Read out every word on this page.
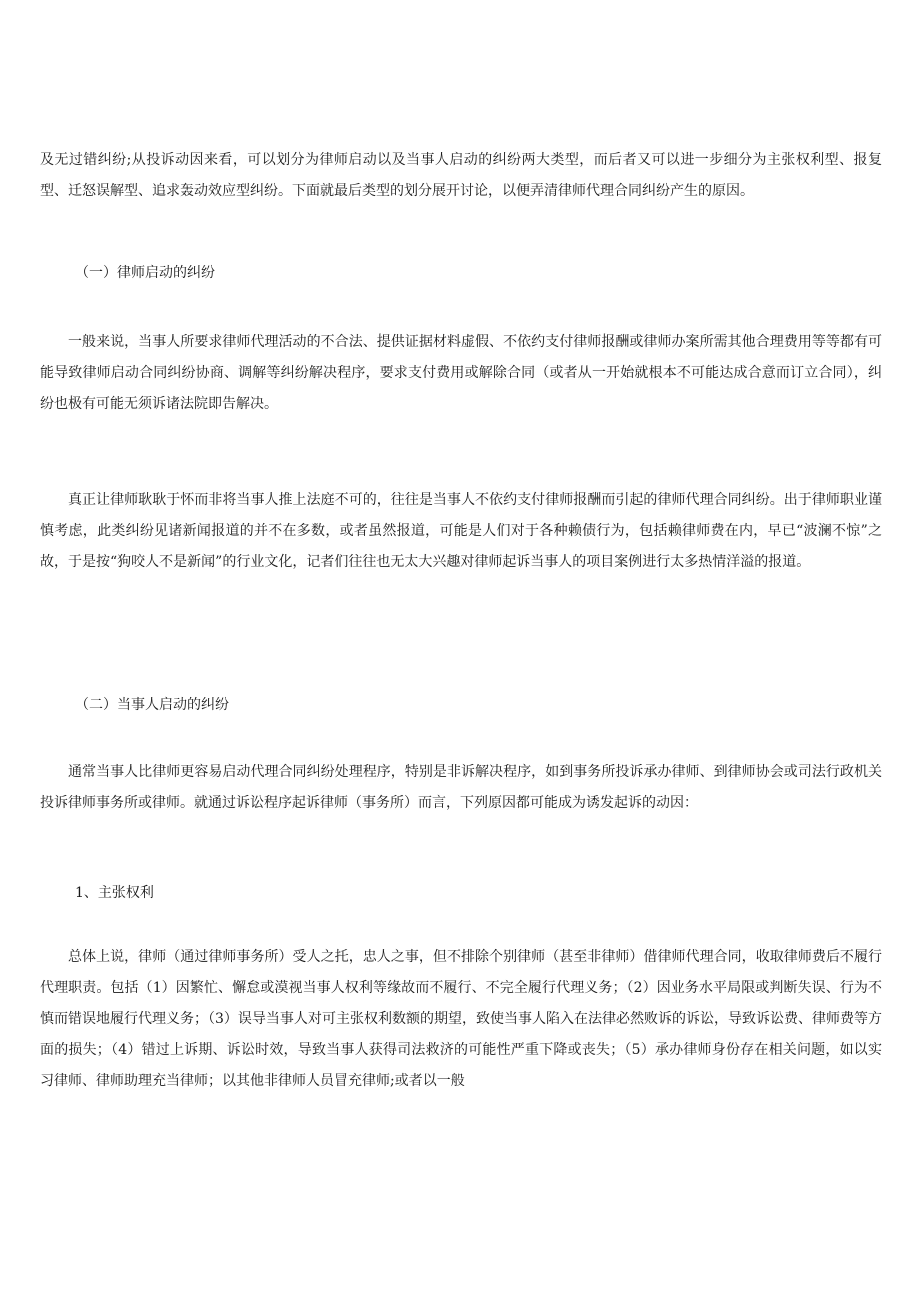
及无过错纠纷;从投诉动因来看，可以划分为律师启动以及当事人启动的纠纷两大类型，而后者又可以进一步细分为主张权利型、报复型、迁怒误解型、追求轰动效应型纠纷。下面就最后类型的划分展开讨论，以便弄清律师代理合同纠纷产生的原因。

（一）律师启动的纠纷

一般来说，当事人所要求律师代理活动的不合法、提供证据材料虚假、不依约支付律师报酬或律师办案所需其他合理费用等等都有可能导致律师启动合同纠纷协商、调解等纠纷解决程序，要求支付费用或解除合同（或者从一开始就根本不可能达成合意而订立合同），纠纷也极有可能无须诉诸法院即告解决。

真正让律师耿耿于怀而非将当事人推上法庭不可的，往往是当事人不依约支付律师报酬而引起的律师代理合同纠纷。出于律师职业谨慎考虑，此类纠纷见诸新闻报道的并不在多数，或者虽然报道，可能是人们对于各种赖债行为，包括赖律师费在内，早已“波澜不惊”之故，于是按“狗咬人不是新闻”的行业文化，记者们往往也无太大兴趣对律师起诉当事人的项目案例进行太多热情洋溢的报道。

（二）当事人启动的纠纷

通常当事人比律师更容易启动代理合同纠纷处理程序，特别是非诉解决程序，如到事务所投诉承办律师、到律师协会或司法行政机关投诉律师事务所或律师。就通过诉讼程序起诉律师（事务所）而言，下列原因都可能成为诱发起诉的动因：

1、主张权利

总体上说，律师（通过律师事务所）受人之托，忠人之事，但不排除个别律师（甚至非律师）借律师代理合同，收取律师费后不履行代理职责。包括（1）因繁忙、懈怠或漠视当事人权利等缘故而不履行、不完全履行代理义务；（2）因业务水平局限或判断失误、行为不慎而错误地履行代理义务；（3）误导当事人对可主张权利数额的期望，致使当事人陷入在法律必然败诉的诉讼，导致诉讼费、律师费等方面的损失；（4）错过上诉期、诉讼时效，导致当事人获得司法救济的可能性严重下降或丧失；（5）承办律师身份存在相关问题，如以实习律师、律师助理充当律师；以其他非律师人员冒充律师;或者以一般
